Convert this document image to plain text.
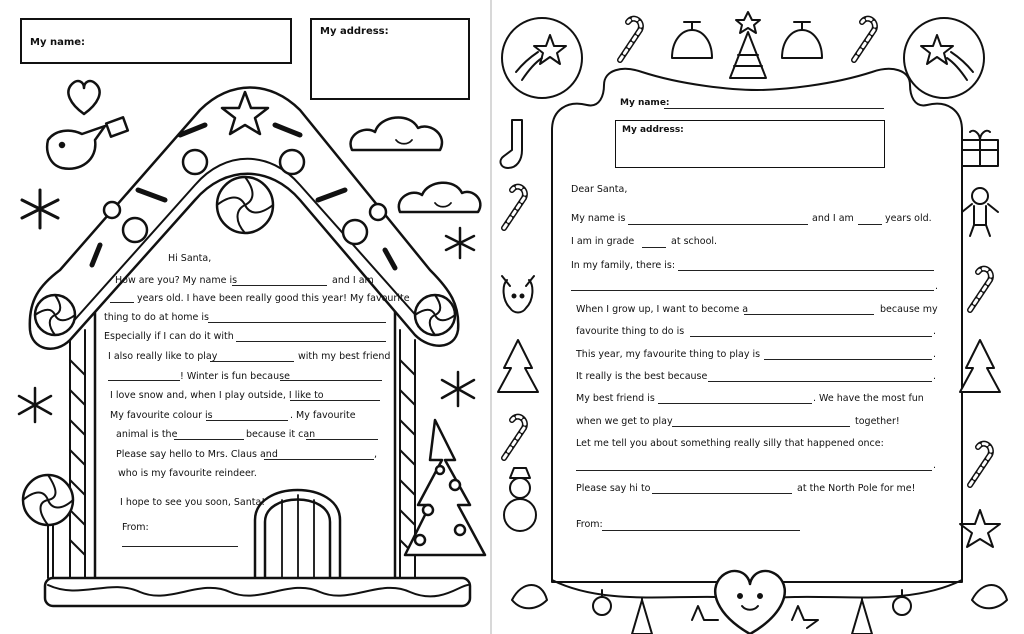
My name:
My address:
Hi Santa,
How are you? My name is	and I am
years old. I have been really good this year! My favourite
thing to do at home is
Especially if I can do it with
I also really like to play	with my best friend
! Winter is fun because
I love snow and, when I play outside, I like to
My favourite colour is	. My favourite
animal is the	because it can
Please say hello to Mrs. Claus and	,
who is my favourite reindeer.
I hope to see you soon, Santa!
From:
My name:
My address:
Dear Santa,
My name is	and I am	years old.
I am in grade	at school.
In my family, there is:
.
When I grow up, I want to become a	because my
favourite thing to do is	.
This year, my favourite thing to play is	.
It really is the best because	.
My best friend is	. We have the most fun
when we get to play	together!
Let me tell you about something really silly that happened once:
.
Please say hi to	at the North Pole for me!
From:
